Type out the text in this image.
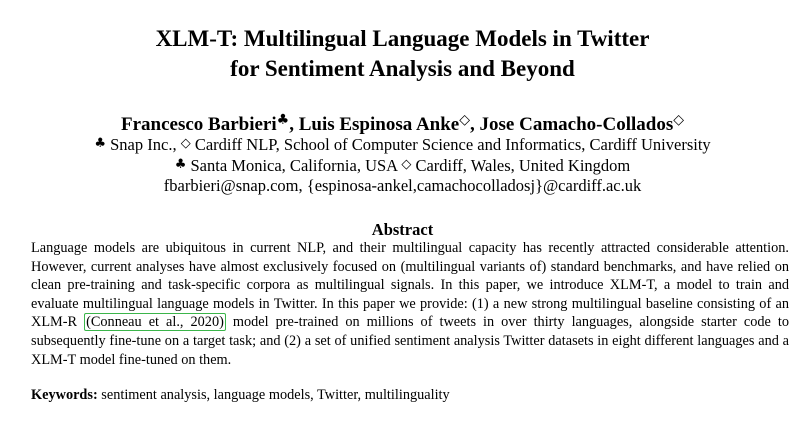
XLM-T: Multilingual Language Models in Twitter
for Sentiment Analysis and Beyond
Francesco Barbieri♣, Luis Espinosa Anke◇, Jose Camacho-Collados◇
♣ Snap Inc., ◇ Cardiff NLP, School of Computer Science and Informatics, Cardiff University
♣ Santa Monica, California, USA ◇ Cardiff, Wales, United Kingdom
fbarbieri@snap.com, {espinosa-ankel,camachocolladosj}@cardiff.ac.uk
Abstract

Language models are ubiquitous in current NLP, and their multilingual capacity has recently attracted considerable attention. However, current analyses have almost exclusively focused on (multilingual variants of) standard benchmarks, and have relied on clean pre-training and task-specific corpora as multilingual signals. In this paper, we introduce XLM-T, a model to train and evaluate multilingual language models in Twitter. In this paper we provide: (1) a new strong multilingual baseline consisting of an XLM-R (Conneau et al., 2020) model pre-trained on millions of tweets in over thirty languages, alongside starter code to subsequently fine-tune on a target task; and (2) a set of unified sentiment analysis Twitter datasets in eight different languages and a XLM-T model fine-tuned on them.

Keywords: sentiment analysis, language models, Twitter, multilinguality
